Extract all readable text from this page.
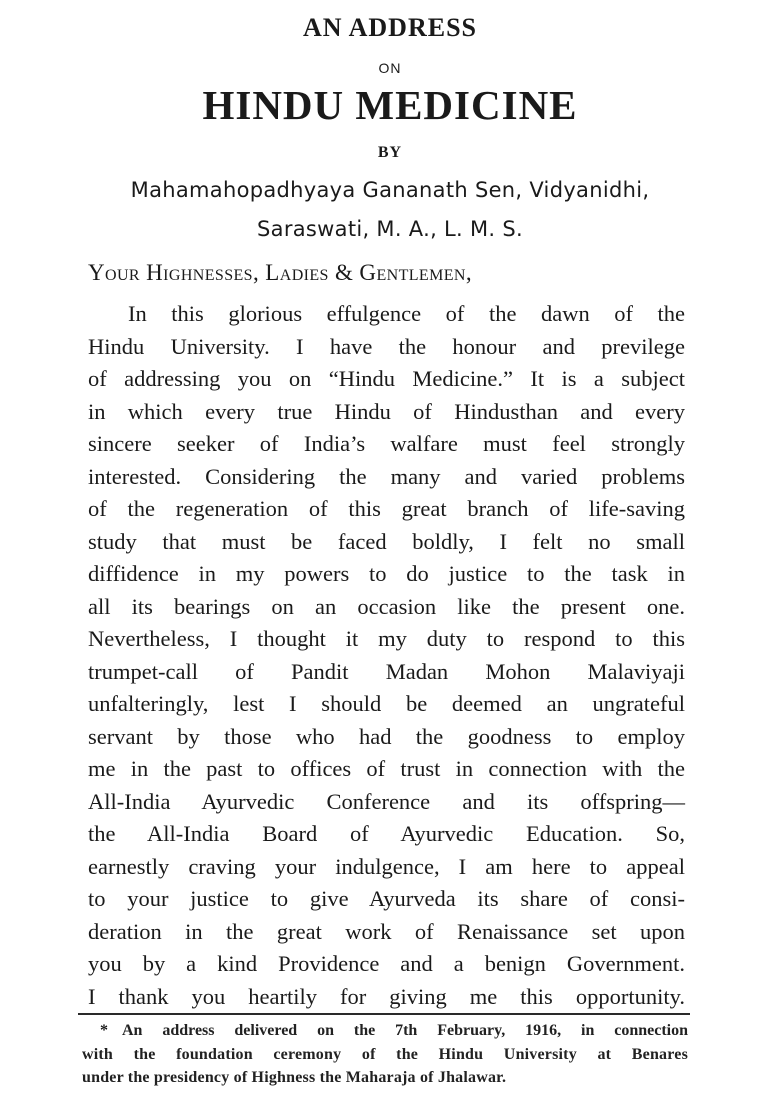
AN ADDRESS
ON
HINDU MEDICINE
BY
Mahamahopadhyaya Gananath Sen, Vidyanidhi,
Saraswati, M. A., L. M. S.
Your Highnesses, Ladies & Gentlemen,
In this glorious effulgence of the dawn of the
Hindu University. I have the honour and previlege
of addressing you on “Hindu Medicine.” It is a subject
in which every true Hindu of Hindusthan and every
sincere seeker of India’s walfare must feel strongly
interested. Considering the many and varied problems
of the regeneration of this great branch of life-saving
study that must be faced boldly, I felt no small
diffidence in my powers to do justice to the task in
all its bearings on an occasion like the present one.
Nevertheless, I thought it my duty to respond to this
trumpet-call of Pandit Madan Mohon Malaviyaji
unfalteringly, lest I should be deemed an ungrateful
servant by those who had the goodness to employ
me in the past to offices of trust in connection with the
All-India Ayurvedic Conference and its offspring—
the All-India Board of Ayurvedic Education. So,
earnestly craving your indulgence, I am here to appeal
to your justice to give Ayurveda its share of consi-
deration in the great work of Renaissance set upon
you by a kind Providence and a benign Government.
I thank you heartily for giving me this opportunity.
* An address delivered on the 7th February, 1916, in connection
with the foundation ceremony of the Hindu University at Benares
under the presidency of Highness the Maharaja of Jhalawar.
